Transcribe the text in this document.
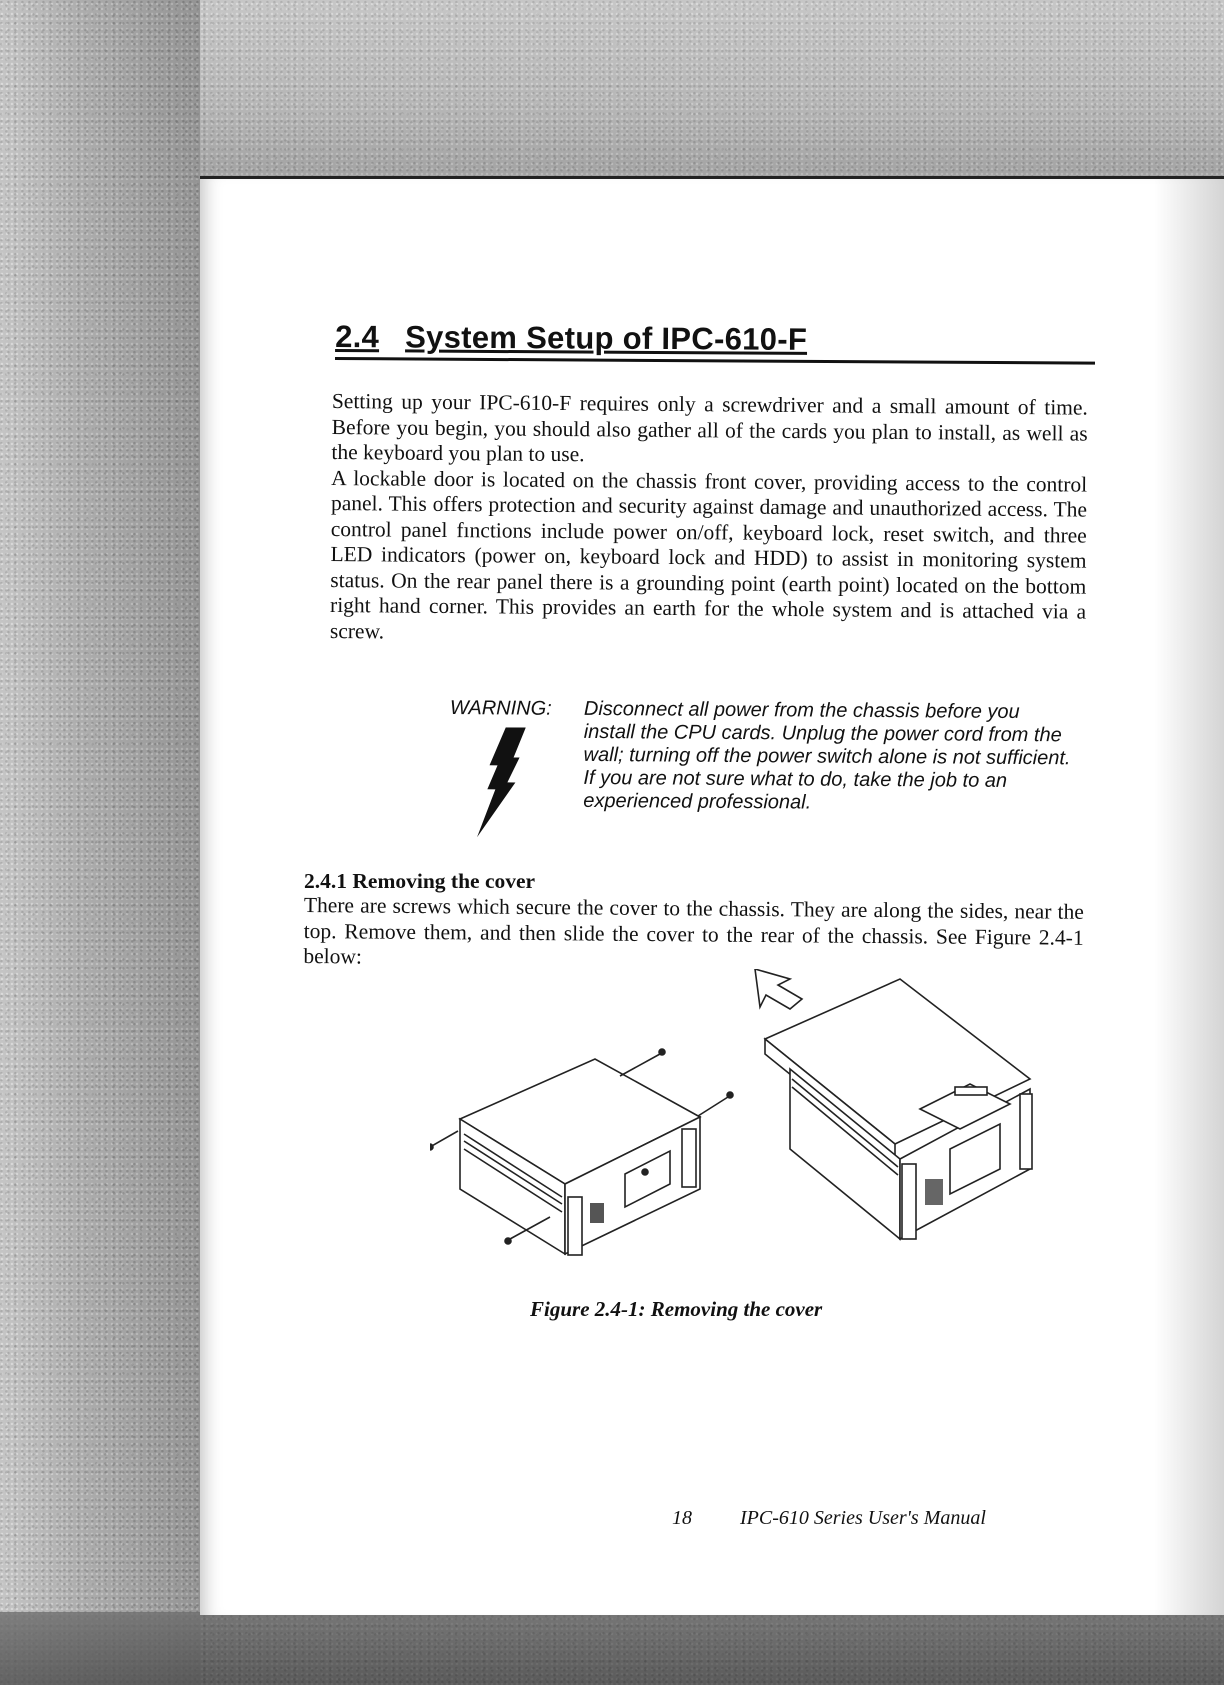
2.4 System Setup of IPC-610-F

Setting up your IPC-610-F requires only a screwdriver and a small amount of time. Before you begin, you should also gather all of the cards you plan to install, as well as the keyboard you plan to use.

A lockable door is located on the chassis front cover, providing access to the control panel. This offers protection and security against damage and unauthorized access. The control panel fınctions include power on/off, keyboard lock, reset switch, and three LED indicators (power on, keyboard lock and HDD) to assist in monitoring system status. On the rear panel there is a grounding point (earth point) located on the bottom right hand corner. This provides an earth for the whole system and is attached via a screw.

WARNING: Disconnect all power from the chassis before you install the CPU cards. Unplug the power cord from the wall; turning off the power switch alone is not sufficient. If you are not sure what to do, take the job to an experienced professional.
2.4.1 Removing the cover

There are screws which secure the cover to the chassis. They are along the sides, near the top. Remove them, and then slide the cover to the rear of the chassis. See Figure 2.4-1 below:

Figure 2.4-1: Removing the cover
18 IPC-610 Series User's Manual
